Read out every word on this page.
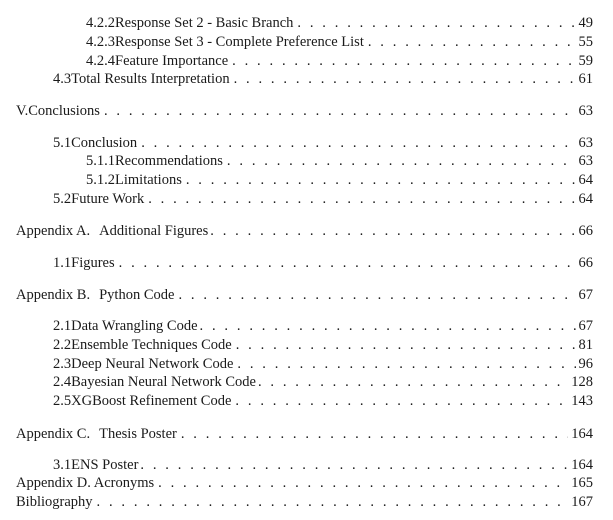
4.2.2 Response Set 2 - Basic Branch . . .	49
4.2.3 Response Set 3 - Complete Preference List . . .	55
4.2.4 Feature Importance . . .	59
4.3 Total Results Interpretation . . .	61
V. Conclusions . . .	63
5.1 Conclusion . . .	63
5.1.1 Recommendations . . .	63
5.1.2 Limitations . . .	64
5.2 Future Work . . .	64
Appendix A. Additional Figures . . .	66
1.1 Figures . . .	66
Appendix B. Python Code . . .	67
2.1 Data Wrangling Code . . .	67
2.2 Ensemble Techniques Code . . .	81
2.3 Deep Neural Network Code . . .	96
2.4 Bayesian Neural Network Code . . .	128
2.5 XGBoost Refinement Code . . .	143
Appendix C. Thesis Poster . . .	164
3.1 ENS Poster . . .	164
Appendix D. Acronyms . . .	165
Bibliography . . .	167
